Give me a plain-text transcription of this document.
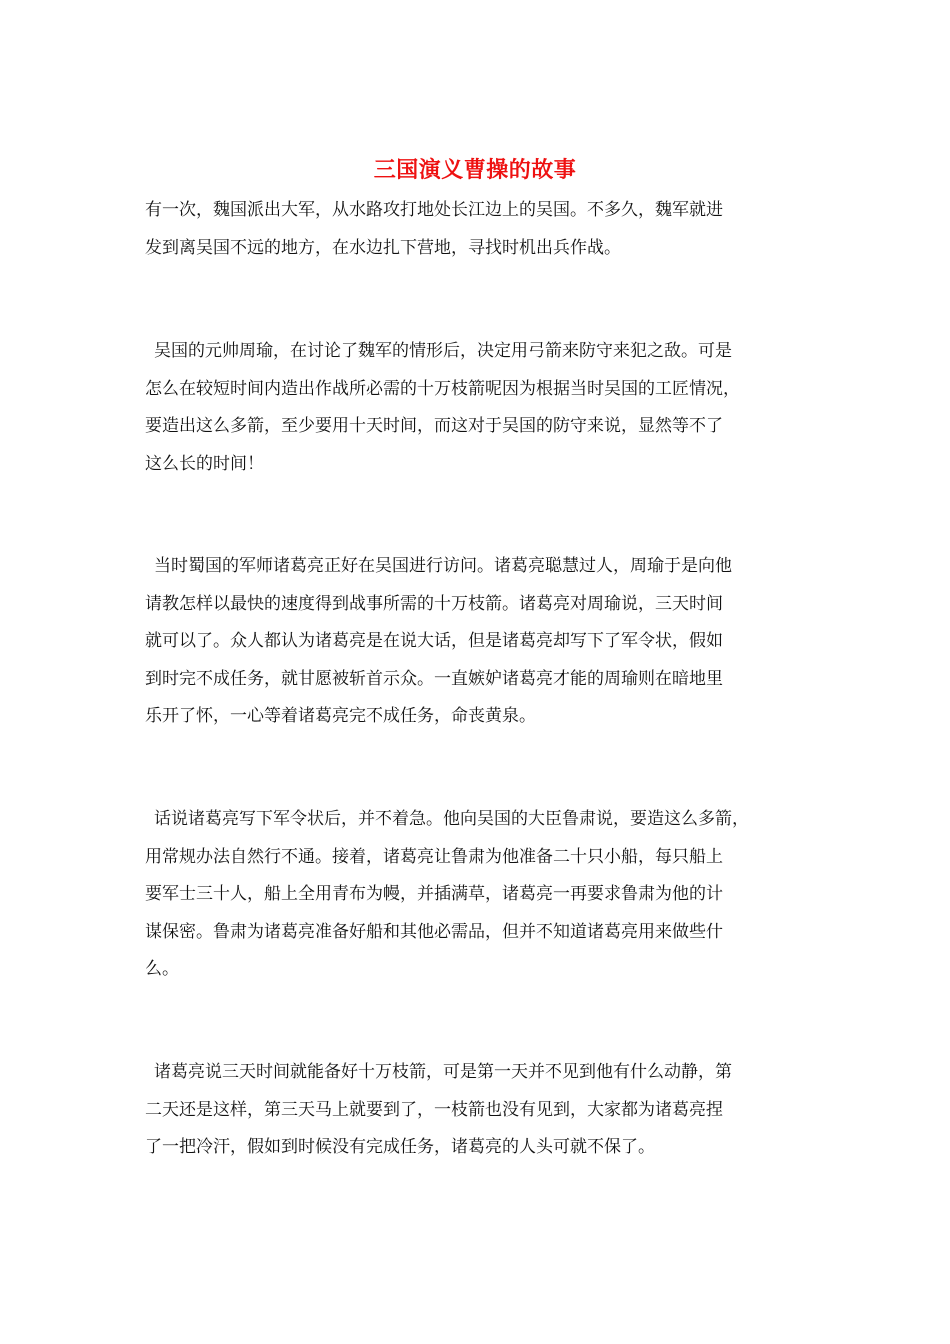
三国演义曹操的故事
有一次，魏国派出大军，从水路攻打地处长江边上的吴国。不多久，魏军就进
发到离吴国不远的地方，在水边扎下营地，寻找时机出兵作战。
吴国的元帅周瑜，在讨论了魏军的情形后，决定用弓箭来防守来犯之敌。可是
怎么在较短时间内造出作战所必需的十万枝箭呢因为根据当时吴国的工匠情况，
要造出这么多箭，至少要用十天时间，而这对于吴国的防守来说，显然等不了
这么长的时间！
当时蜀国的军师诸葛亮正好在吴国进行访问。诸葛亮聪慧过人，周瑜于是向他
请教怎样以最快的速度得到战事所需的十万枝箭。诸葛亮对周瑜说，三天时间
就可以了。众人都认为诸葛亮是在说大话，但是诸葛亮却写下了军令状，假如
到时完不成任务，就甘愿被斩首示众。一直嫉妒诸葛亮才能的周瑜则在暗地里
乐开了怀，一心等着诸葛亮完不成任务，命丧黄泉。
话说诸葛亮写下军令状后，并不着急。他向吴国的大臣鲁肃说，要造这么多箭，
用常规办法自然行不通。接着，诸葛亮让鲁肃为他准备二十只小船，每只船上
要军士三十人，船上全用青布为幔，并插满草，诸葛亮一再要求鲁肃为他的计
谋保密。鲁肃为诸葛亮准备好船和其他必需品，但并不知道诸葛亮用来做些什
么。
诸葛亮说三天时间就能备好十万枝箭，可是第一天并不见到他有什么动静，第
二天还是这样，第三天马上就要到了，一枝箭也没有见到，大家都为诸葛亮捏
了一把冷汗，假如到时候没有完成任务，诸葛亮的人头可就不保了。
